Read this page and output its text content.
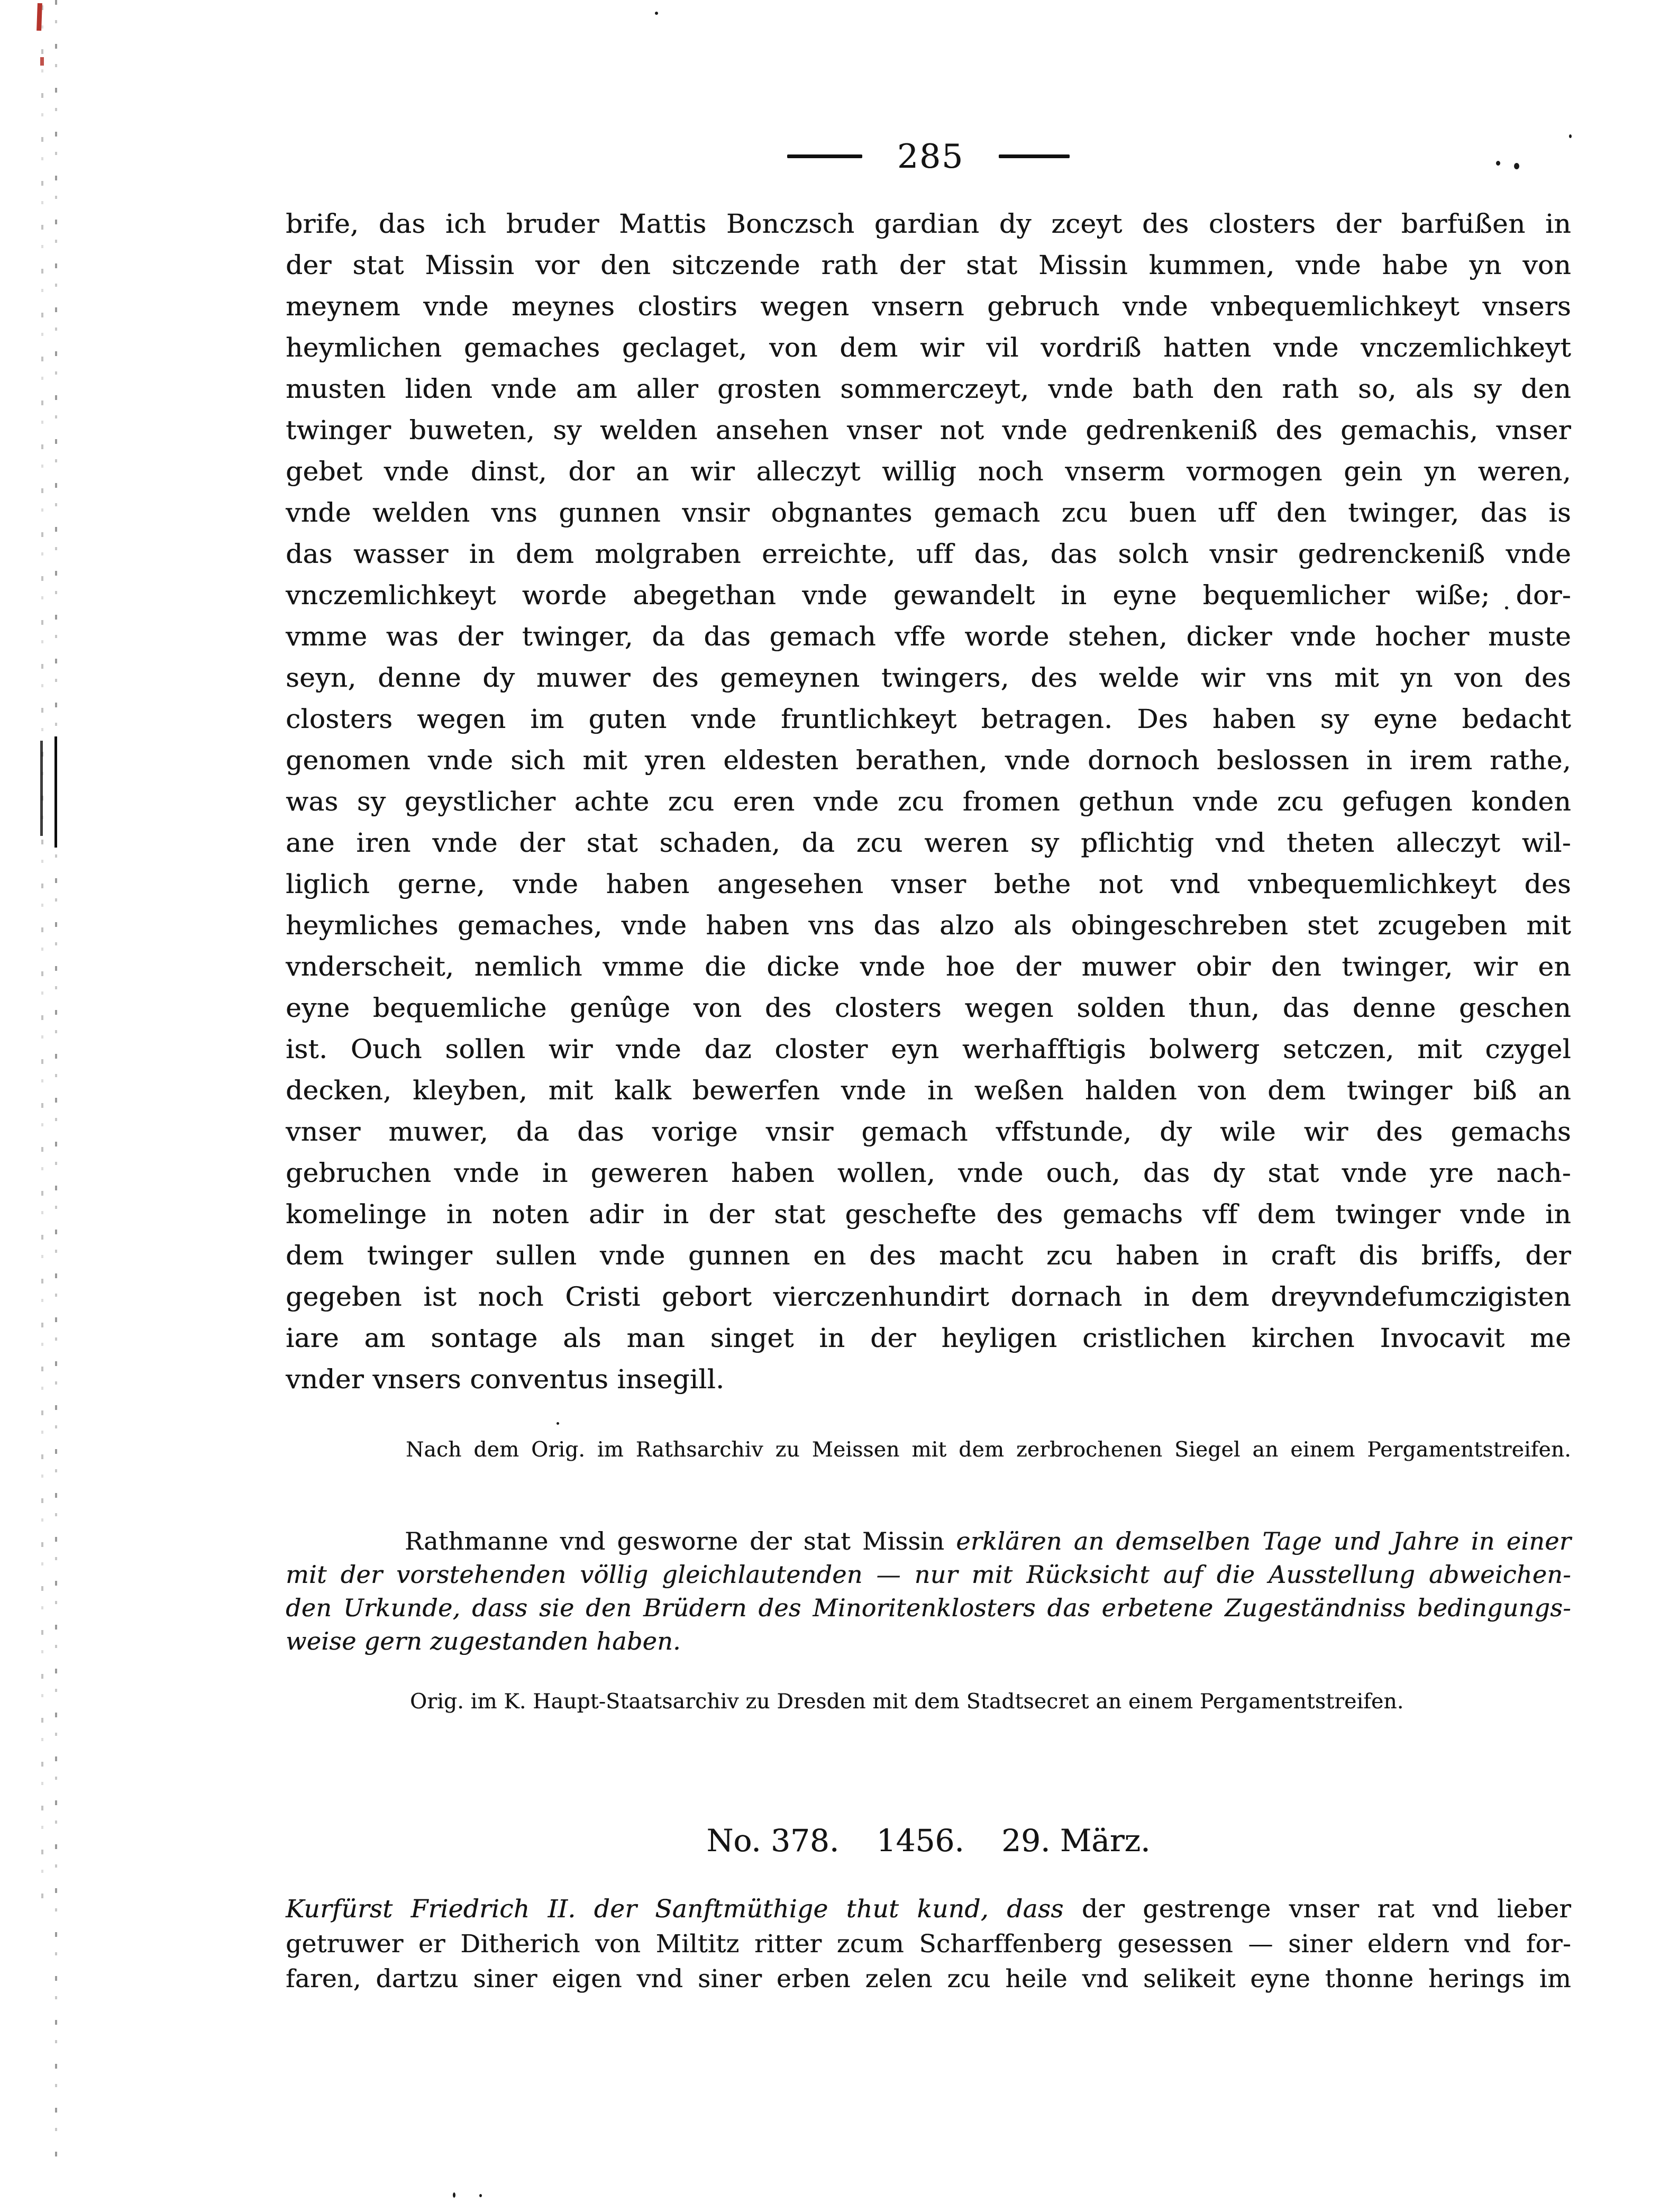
285
brife, das ich bruder Mattis Bonczsch gardian dy zceyt des closters der barfußen in
der stat Missin vor den sitczende rath der stat Missin kummen, vnde habe yn von
meynem vnde meynes clostirs wegen vnsern gebruch vnde vnbequemlichkeyt vnsers
heymlichen gemaches geclaget, von dem wir vil vordriß hatten vnde vnczemlichkeyt
musten liden vnde am aller grosten sommerczeyt, vnde bath den rath so, als sy den
twinger buweten, sy welden ansehen vnser not vnde gedrenkeniß des gemachis, vnser
gebet vnde dinst, dor an wir alleczyt willig noch vnserm vormogen gein yn weren,
vnde welden vns gunnen vnsir obgnantes gemach zcu buen uff den twinger, das is
das wasser in dem molgraben erreichte, uff das, das solch vnsir gedrenckeniß vnde
vnczemlichkeyt worde abegethan vnde gewandelt in eyne bequemlicher wiße; dor-
vmme was der twinger, da das gemach vffe worde stehen, dicker vnde hocher muste
seyn, denne dy muwer des gemeynen twingers, des welde wir vns mit yn von des
closters wegen im guten vnde fruntlichkeyt betragen. Des haben sy eyne bedacht
genomen vnde sich mit yren eldesten berathen, vnde dornoch beslossen in irem rathe,
was sy geystlicher achte zcu eren vnde zcu fromen gethun vnde zcu gefugen konden
ane iren vnde der stat schaden, da zcu weren sy pflichtig vnd theten alleczyt wil-
liglich gerne, vnde haben angesehen vnser bethe not vnd vnbequemlichkeyt des
heymliches gemaches, vnde haben vns das alzo als obingeschreben stet zcugeben mit
vnderscheit, nemlich vmme die dicke vnde hoe der muwer obir den twinger, wir en
eyne bequemliche genûge von des closters wegen solden thun, das denne geschen
ist. Ouch sollen wir vnde daz closter eyn werhafftigis bolwerg setczen, mit czygel
decken, kleyben, mit kalk bewerfen vnde in weßen halden von dem twinger biß an
vnser muwer, da das vorige vnsir gemach vffstunde, dy wile wir des gemachs
gebruchen vnde in geweren haben wollen, vnde ouch, das dy stat vnde yre nach-
komelinge in noten adir in der stat geschefte des gemachs vff dem twinger vnde in
dem twinger sullen vnde gunnen en des macht zcu haben in craft dis briffs, der
gegeben ist noch Cristi gebort vierczenhundirt dornach in dem dreyvndefumczigisten
iare am sontage als man singet in der heyligen cristlichen kirchen Invocavit me
vnder vnsers conventus insegill.

Nach dem Orig. im Rathsarchiv zu Meissen mit dem zerbrochenen Siegel an einem Pergamentstreifen.

Rathmanne vnd gesworne der stat Missin erklären an demselben Tage und Jahre in einer
mit der vorstehenden völlig gleichlautenden — nur mit Rücksicht auf die Ausstellung abweichen-
den Urkunde, dass sie den Brüdern des Minoritenklosters das erbetene Zugeständniss bedingungs-
weise gern zugestanden haben.

Orig. im K. Haupt-Staatsarchiv zu Dresden mit dem Stadtsecret an einem Pergamentstreifen.

No. 378. 1456. 29. März.
Kurfürst Friedrich II. der Sanftmüthige thut kund, dass der gestrenge vnser rat vnd lieber
getruwer er Ditherich von Miltitz ritter zcum Scharffenberg gesessen — siner eldern vnd for-
faren, dartzu siner eigen vnd siner erben zelen zcu heile vnd selikeit eyne thonne herings im
